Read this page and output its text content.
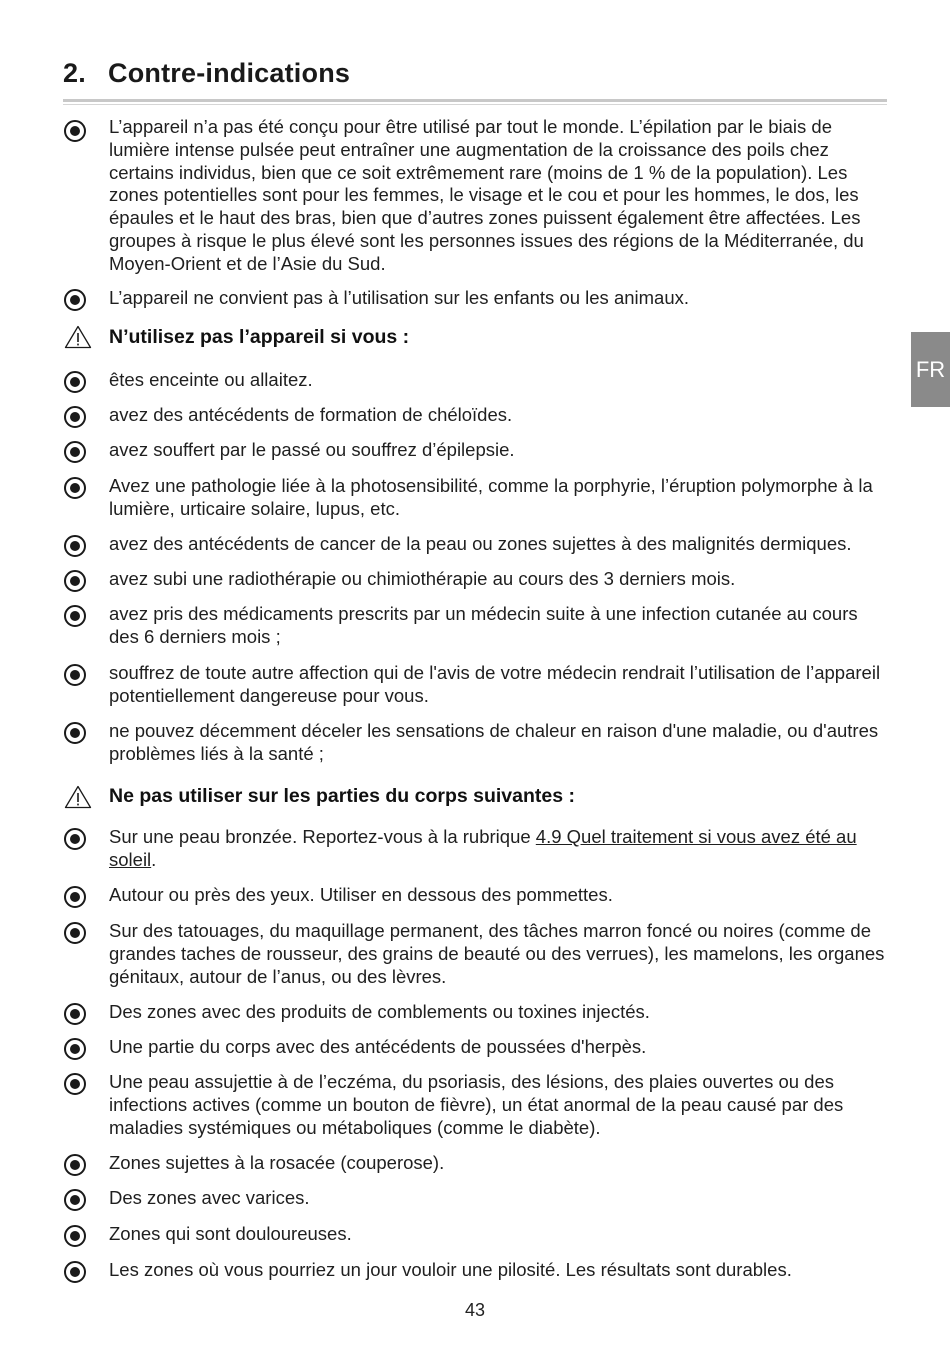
2. Contre-indications
FR
L’appareil n’a pas été conçu pour être utilisé par tout le monde. L’épilation par le biais de lumière intense pulsée peut entraîner une augmentation de la croissance des poils chez certains individus, bien que ce soit extrêmement rare (moins de 1 % de la population). Les zones potentielles sont pour les femmes, le visage et le cou et pour les hommes, le dos, les épaules et le haut des bras, bien que d’autres zones puissent également être affectées. Les groupes à risque le plus élevé sont les personnes issues des régions de la Méditerranée, du Moyen-Orient et de l’Asie du Sud.
L’appareil ne convient pas à l’utilisation sur les enfants ou les animaux.
N’utilisez pas l’appareil si vous :
êtes enceinte ou allaitez.
avez des antécédents de formation de chéloïdes.
avez souffert par le passé ou souffrez d’épilepsie.
Avez une pathologie liée à la photosensibilité, comme la porphyrie, l’éruption polymorphe à la lumière, urticaire solaire, lupus, etc.
avez des antécédents de cancer de la peau ou zones sujettes à des malignités dermiques.
avez subi une radiothérapie ou chimiothérapie au cours des 3 derniers mois.
avez pris des médicaments prescrits par un médecin suite à une infection cutanée au cours des 6 derniers mois ;
souffrez de toute autre affection qui de l'avis de votre médecin rendrait l’utilisation de l’appareil potentiellement dangereuse pour vous.
ne pouvez décemment déceler les sensations de chaleur en raison d'une maladie, ou d'autres problèmes liés à la santé ;
Ne pas utiliser sur les parties du corps suivantes :
Sur une peau bronzée. Reportez-vous à la rubrique 4.9 Quel traitement si vous avez été au soleil.
Autour ou près des yeux. Utiliser en dessous des pommettes.
Sur des tatouages, du maquillage permanent, des tâches marron foncé ou noires (comme de grandes taches de rousseur, des grains de beauté ou des verrues), les mamelons, les organes génitaux, autour de l’anus, ou des lèvres.
Des zones avec des produits de comblements ou toxines injectés.
Une partie du corps avec des antécédents de poussées d'herpès.
Une peau assujettie à de l’eczéma, du psoriasis, des lésions, des plaies ouvertes ou des infections actives (comme un bouton de fièvre), un état anormal de la peau causé par des maladies systémiques ou métaboliques (comme le diabète).
Zones sujettes à la rosacée (couperose).
Des zones avec varices.
Zones qui sont douloureuses.
Les zones où vous pourriez un jour vouloir une pilosité. Les résultats sont durables.
43
